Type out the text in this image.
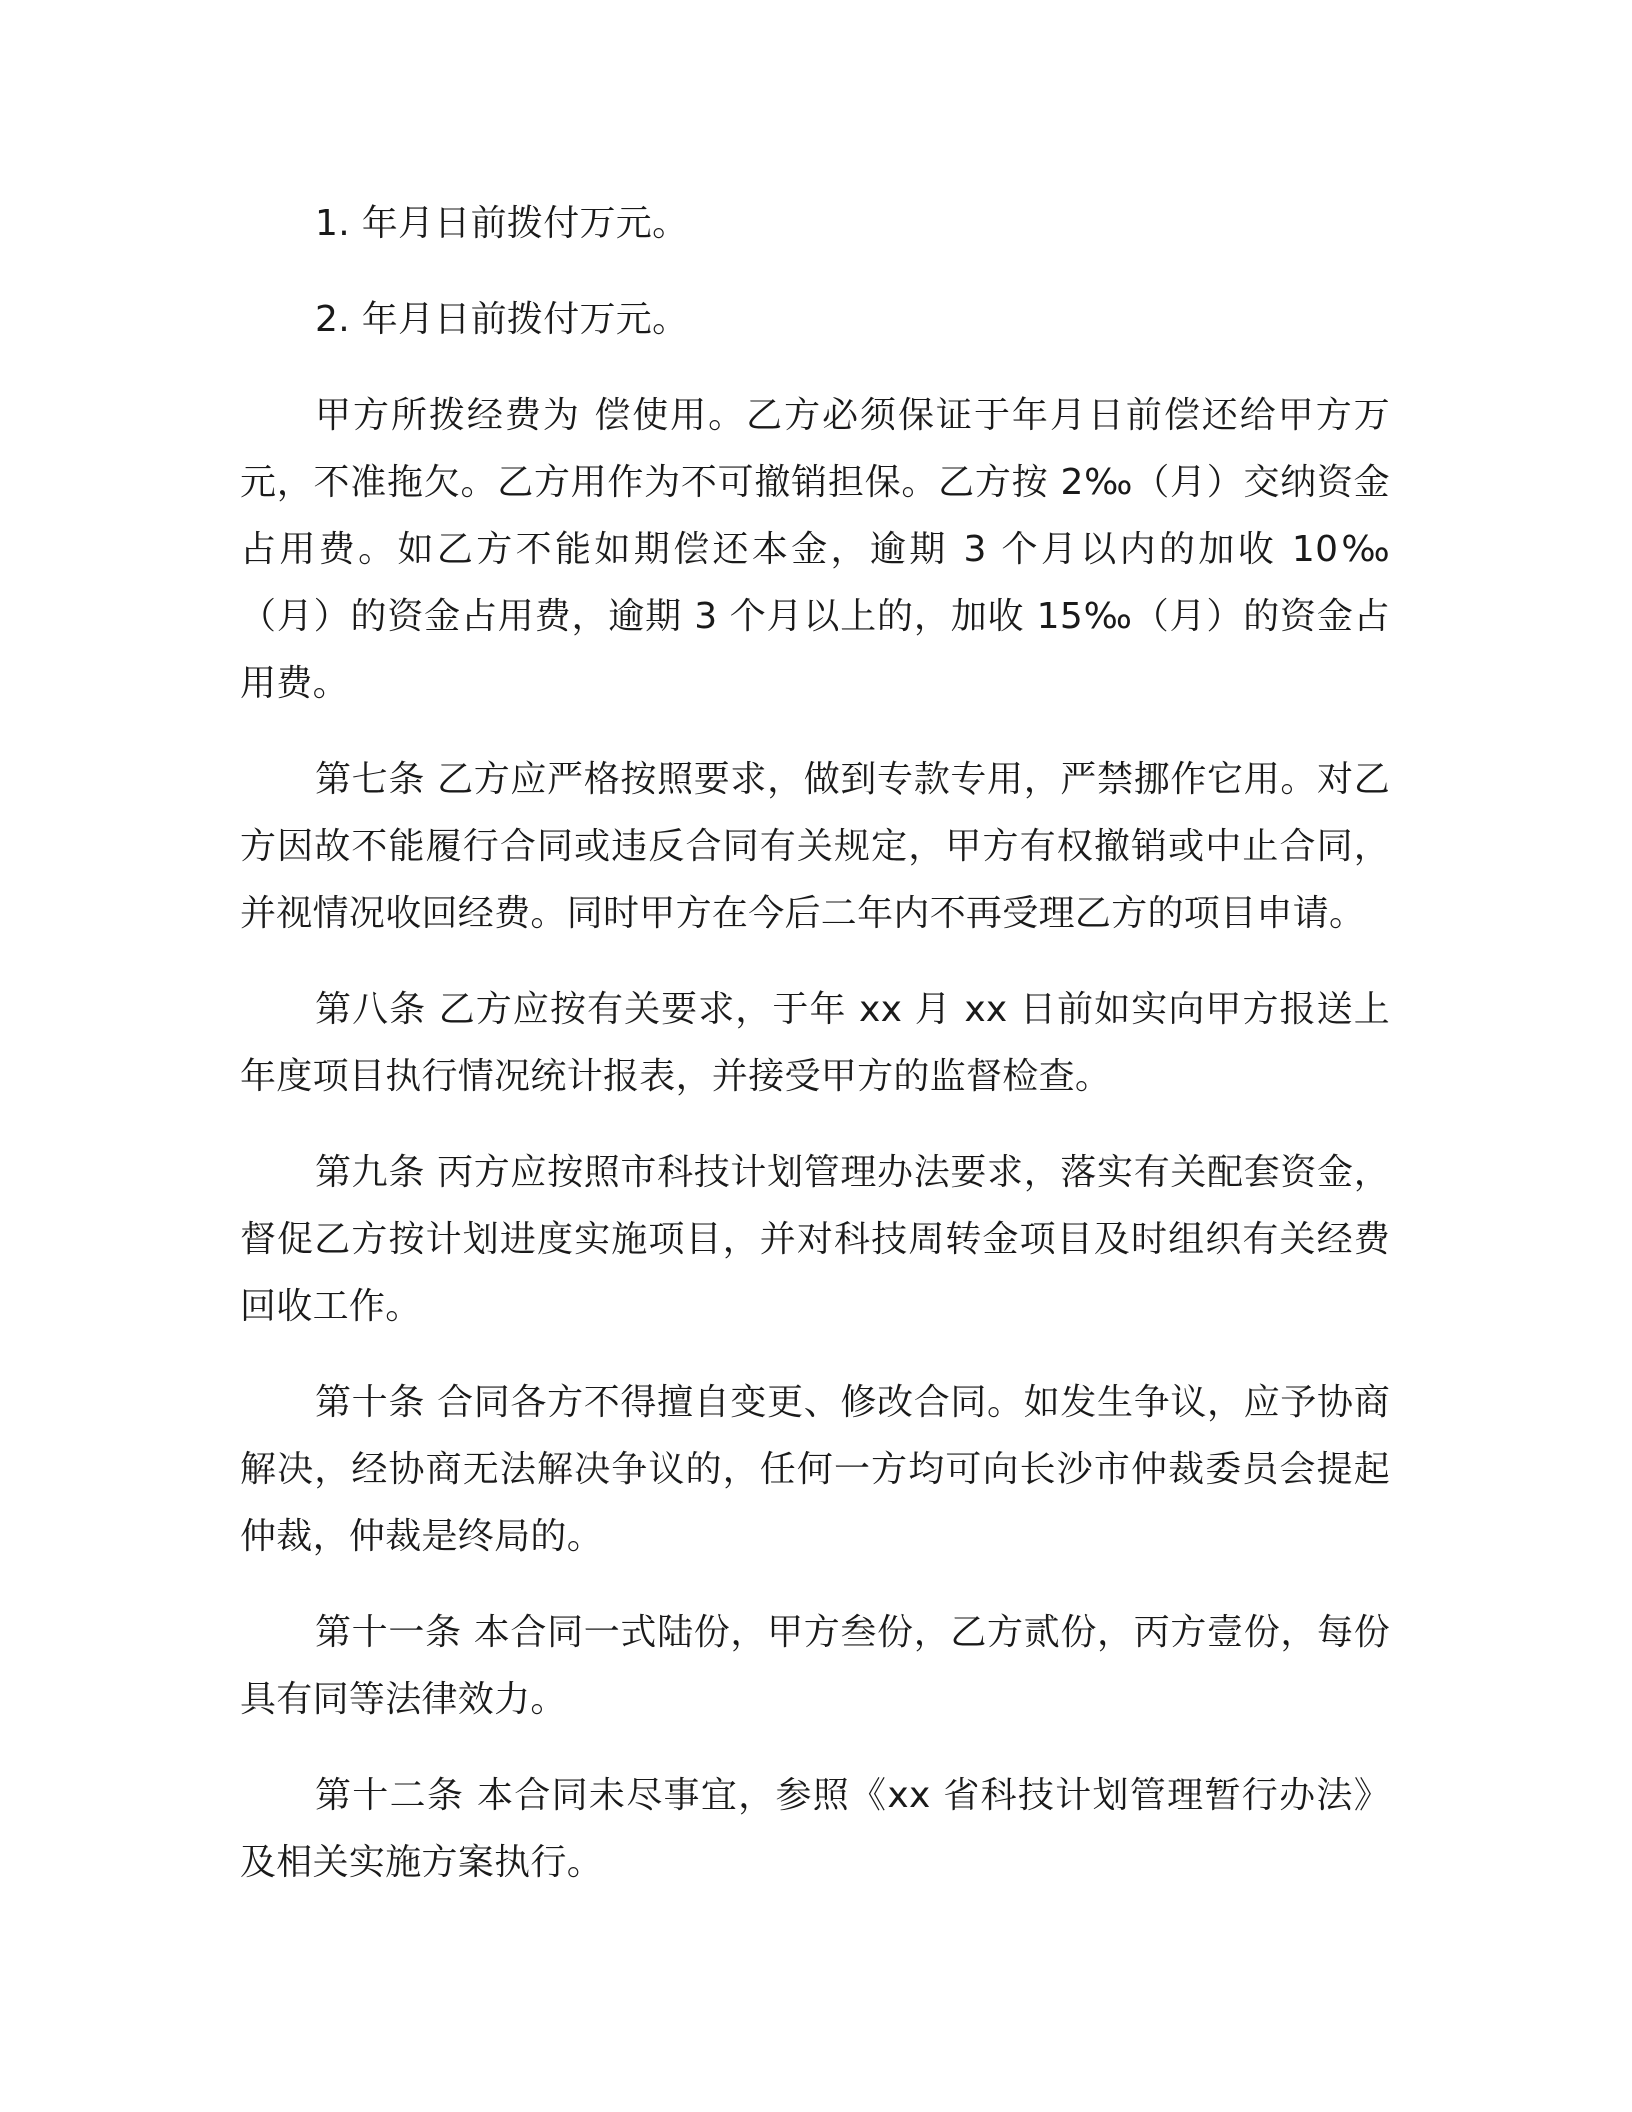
1. 年月日前拨付万元。

2. 年月日前拨付万元。

甲方所拨经费为 偿使用。乙方必须保证于年月日前偿还给甲方万元，不准拖欠。乙方用作为不可撤销担保。乙方按 2‰（月）交纳资金占用费。如乙方不能如期偿还本金，逾期 3 个月以内的加收 10‰（月）的资金占用费，逾期 3 个月以上的，加收 15‰（月）的资金占用费。

第七条 乙方应严格按照要求，做到专款专用，严禁挪作它用。对乙方因故不能履行合同或违反合同有关规定，甲方有权撤销或中止合同，并视情况收回经费。同时甲方在今后二年内不再受理乙方的项目申请。

第八条 乙方应按有关要求，于年 xx 月 xx 日前如实向甲方报送上年度项目执行情况统计报表，并接受甲方的监督检查。

第九条 丙方应按照市科技计划管理办法要求，落实有关配套资金，督促乙方按计划进度实施项目，并对科技周转金项目及时组织有关经费回收工作。

第十条 合同各方不得擅自变更、修改合同。如发生争议，应予协商解决，经协商无法解决争议的，任何一方均可向长沙市仲裁委员会提起仲裁，仲裁是终局的。

第十一条 本合同一式陆份，甲方叁份，乙方贰份，丙方壹份，每份具有同等法律效力。

第十二条 本合同未尽事宜，参照《xx 省科技计划管理暂行办法》及相关实施方案执行。
